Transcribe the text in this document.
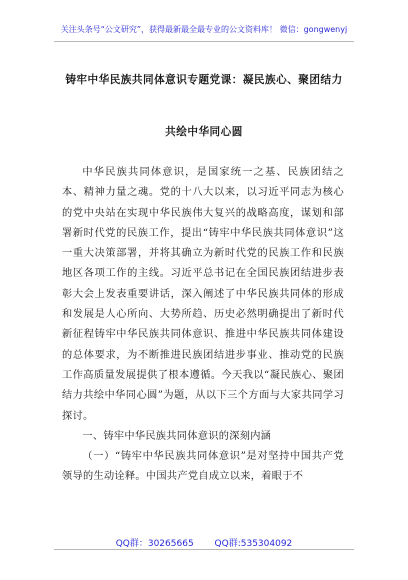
关注头条号“公文研究”，获得最新最全最专业的公文资料库！ 微信：gongwenyj
铸牢中华民族共同体意识专题党课：凝民族心、聚团结力
共绘中华同心圆

中华民族共同体意识，是国家统一之基、民族团结之本、精神力量之魂。党的十八大以来，以习近平同志为核心的党中央站在实现中华民族伟大复兴的战略高度，谋划和部署新时代党的民族工作，提出“铸牢中华民族共同体意识”这一重大决策部署，并将其确立为新时代党的民族工作和民族地区各项工作的主线。习近平总书记在全国民族团结进步表彰大会上发表重要讲话，深入阐述了中华民族共同体的形成和发展是人心所向、大势所趋、历史必然明确提出了新时代新征程铸牢中华民族共同体意识、推进中华民族共同体建设的总体要求，为不断推进民族团结进步事业、推动党的民族工作高质量发展提供了根本遵循。今天我以“凝民族心、聚团结力共绘中华同心圆”为题，从以下三个方面与大家共同学习探讨。

一、铸牢中华民族共同体意识的深刻内涵

（一）“铸牢中华民族共同体意识”是对坚持中国共产党领导的生动诠释。中国共产党自成立以来，着眼于不

QQ群：30265665 QQ群:535304092
